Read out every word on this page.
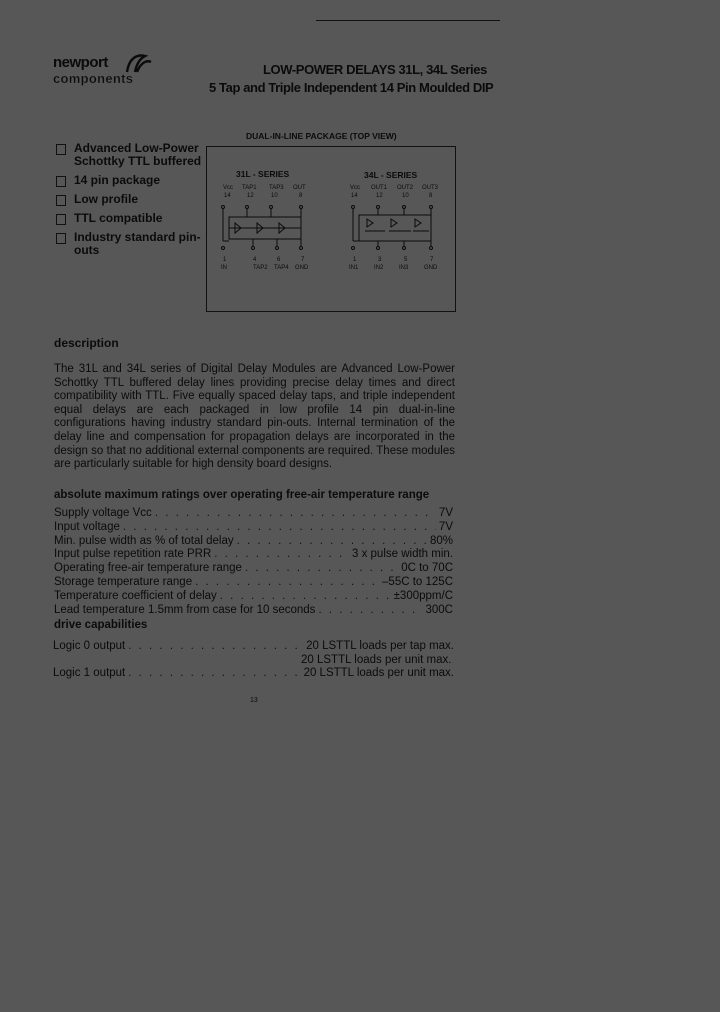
newport
components
LOW-POWER DELAYS 31L, 34L Series
5 Tap and Triple Independent 14 Pin Moulded DIP
Advanced Low-Power Schottky TTL buffered
14 pin package
Low profile
TTL compatible
Industry standard pin-outs
DUAL-IN-LINE PACKAGE (TOP VIEW)
31L - SERIES	34L - SERIES
Vcc TAP1 TAP3 OUT
14	12	10	8
1	4	6	7
IN	TAP2 TAP4 GND
Vcc OUT1 OUT2 OUT3
14	12	10	8
1	3	5	7
IN1	IN2	IN3	GND
description
The 31L and 34L series of Digital Delay Modules are Advanced Low-Power Schottky TTL buffered delay lines providing precise delay times and direct compatibility with TTL. Five equally spaced delay taps, and triple independent equal delays are each packaged in low profile 14 pin dual-in-line configurations having industry standard pin-outs. Internal termination of the delay line and compensation for propagation delays are incorporated in the design so that no additional external components are required. These modules are particularly suitable for high density board designs.
absolute maximum ratings over operating free-air temperature range
Supply voltage Vcc . . .	7V
Input voltage . . .	7V
Min. pulse width as % of total delay . . .	80%
Input pulse repetition rate PRR . . .	3 x pulse width min.
Operating free-air temperature range . . .	0C to 70C
Storage temperature range . . .	–55C to 125C
Temperature coefficient of delay . . .	±300ppm/C
Lead temperature 1.5mm from case for 10 seconds . . .	300C
drive capabilities
Logic 0 output . . .	20 LSTTL loads per tap max.
20 LSTTL loads per unit max.
Logic 1 output . . .	20 LSTTL loads per unit max.
13
